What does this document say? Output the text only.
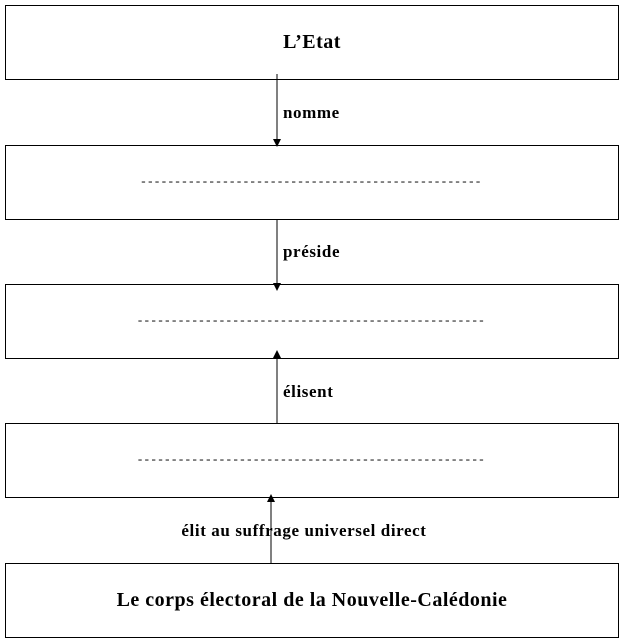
L’Etat
--------------------------------------------------
---------------------------------------------------
---------------------------------------------------
Le corps électoral de la Nouvelle-Calédonie
nomme
préside
élisent
élit au suffrage universel direct
